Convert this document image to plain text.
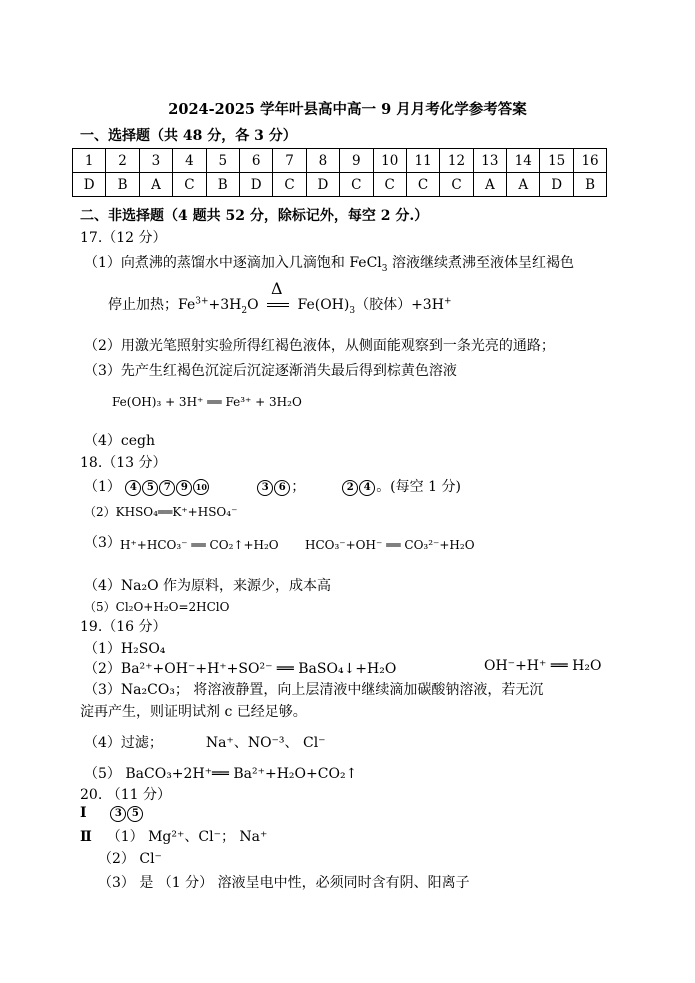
2024-2025 学年叶县高中高一 9 月月考化学参考答案
一、选择题（共 48 分，各 3 分）
1	2	3	4	5	6	7	8	9	10	11	12	13	14	15	16
D	B	A	C	B	D	C	D	C	C	C	C	A	A	D	B
二、非选择题（4 题共 52 分，除标记外，每空 2 分.）
17.（12 分）
（1）向煮沸的蒸馏水中逐滴加入几滴饱和 FeCl$_3$ 溶液继续煮沸至液体呈红褐色
停止加热；$Fe^{3+}+3H_2O$
Δ
$Fe(OH)_3$（胶体）+3H+
（2）用激光笔照射实验所得红褐色液体，从侧面能观察到一条光亮的通路；
（3）先产生红褐色沉淀后沉淀逐渐消失最后得到棕黄色溶液
Fe(OH)₃ + 3H⁺ ══ Fe³⁺ + 3H₂O
（4）cegh
18.（13 分）
（1） 4 5 7 9 10	3 6 ；	2 4 。(每空 1 分)
（2）KHSO₄══K⁺+HSO₄⁻
（3） H⁺+HCO₃⁻ ══ CO₂↑+H₂O HCO₃⁻+OH⁻ ══ CO₃²⁻+H₂O
（4）Na₂O 作为原料，来源少，成本高
（5）Cl₂O+H₂O=2HClO
19.（16 分）
（1）H₂SO₄
（2）Ba²⁺+OH⁻+H⁺+SO²⁻ ══ BaSO₄↓+H₂O	OH⁻+H⁺ ══ H₂O
（3）Na₂CO₃； 将溶液静置，向上层清液中继续滴加碳酸钠溶液，若无沉
淀再产生，则证明试剂 c 已经足够。
（4）过滤；	Na⁺、NO⁻³、 Cl⁻
（5） BaCO₃+2H⁺══ Ba²⁺+H₂O+CO₂↑
20. （11 分）
Ⅰ	3 5
Ⅱ （1） Mg²⁺、Cl⁻； Na⁺
（2） Cl⁻
（3） 是 （1 分） 溶液呈电中性，必须同时含有阴、阳离子
